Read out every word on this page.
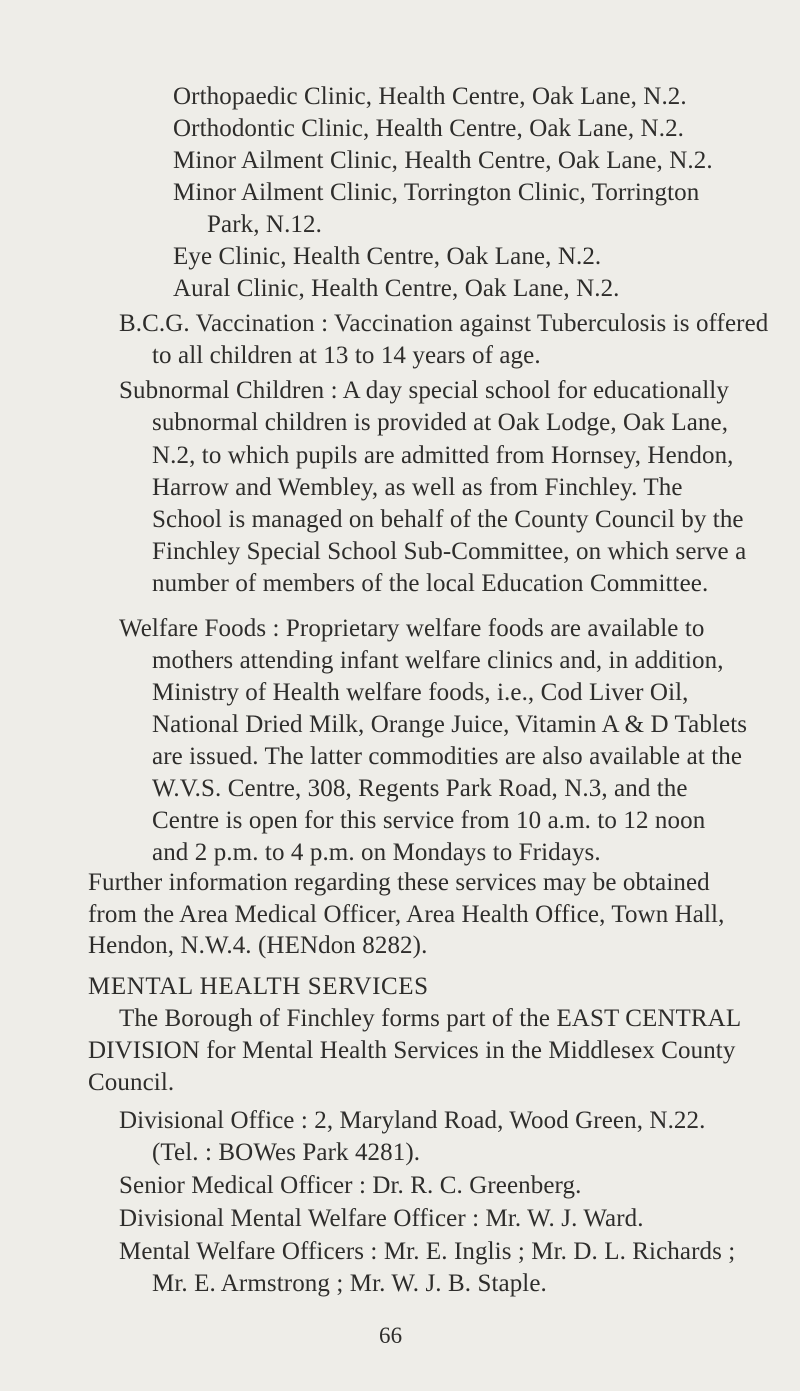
Orthopaedic Clinic, Health Centre, Oak Lane, N.2.
Orthodontic Clinic, Health Centre, Oak Lane, N.2.
Minor Ailment Clinic, Health Centre, Oak Lane, N.2.
Minor Ailment Clinic, Torrington Clinic, Torrington
Park, N.12.
Eye Clinic, Health Centre, Oak Lane, N.2.
Aural Clinic, Health Centre, Oak Lane, N.2.
B.C.G. Vaccination : Vaccination against Tuberculosis is offered
to all children at 13 to 14 years of age.
Subnormal Children : A day special school for educationally
subnormal children is provided at Oak Lodge, Oak Lane,
N.2, to which pupils are admitted from Hornsey, Hendon,
Harrow and Wembley, as well as from Finchley. The
School is managed on behalf of the County Council by the
Finchley Special School Sub-Committee, on which serve a
number of members of the local Education Committee.
Welfare Foods : Proprietary welfare foods are available to
mothers attending infant welfare clinics and, in addition,
Ministry of Health welfare foods, i.e., Cod Liver Oil,
National Dried Milk, Orange Juice, Vitamin A & D Tablets
are issued. The latter commodities are also available at the
W.V.S. Centre, 308, Regents Park Road, N.3, and the
Centre is open for this service from 10 a.m. to 12 noon
and 2 p.m. to 4 p.m. on Mondays to Fridays.
Further information regarding these services may be obtained
from the Area Medical Officer, Area Health Office, Town Hall,
Hendon, N.W.4. (HENdon 8282).
MENTAL HEALTH SERVICES
The Borough of Finchley forms part of the EAST CENTRAL
DIVISION for Mental Health Services in the Middlesex County
Council.
Divisional Office : 2, Maryland Road, Wood Green, N.22.
(Tel. : BOWes Park 4281).
Senior Medical Officer : Dr. R. C. Greenberg.
Divisional Mental Welfare Officer : Mr. W. J. Ward.
Mental Welfare Officers : Mr. E. Inglis ; Mr. D. L. Richards ;
Mr. E. Armstrong ; Mr. W. J. B. Staple.
66
